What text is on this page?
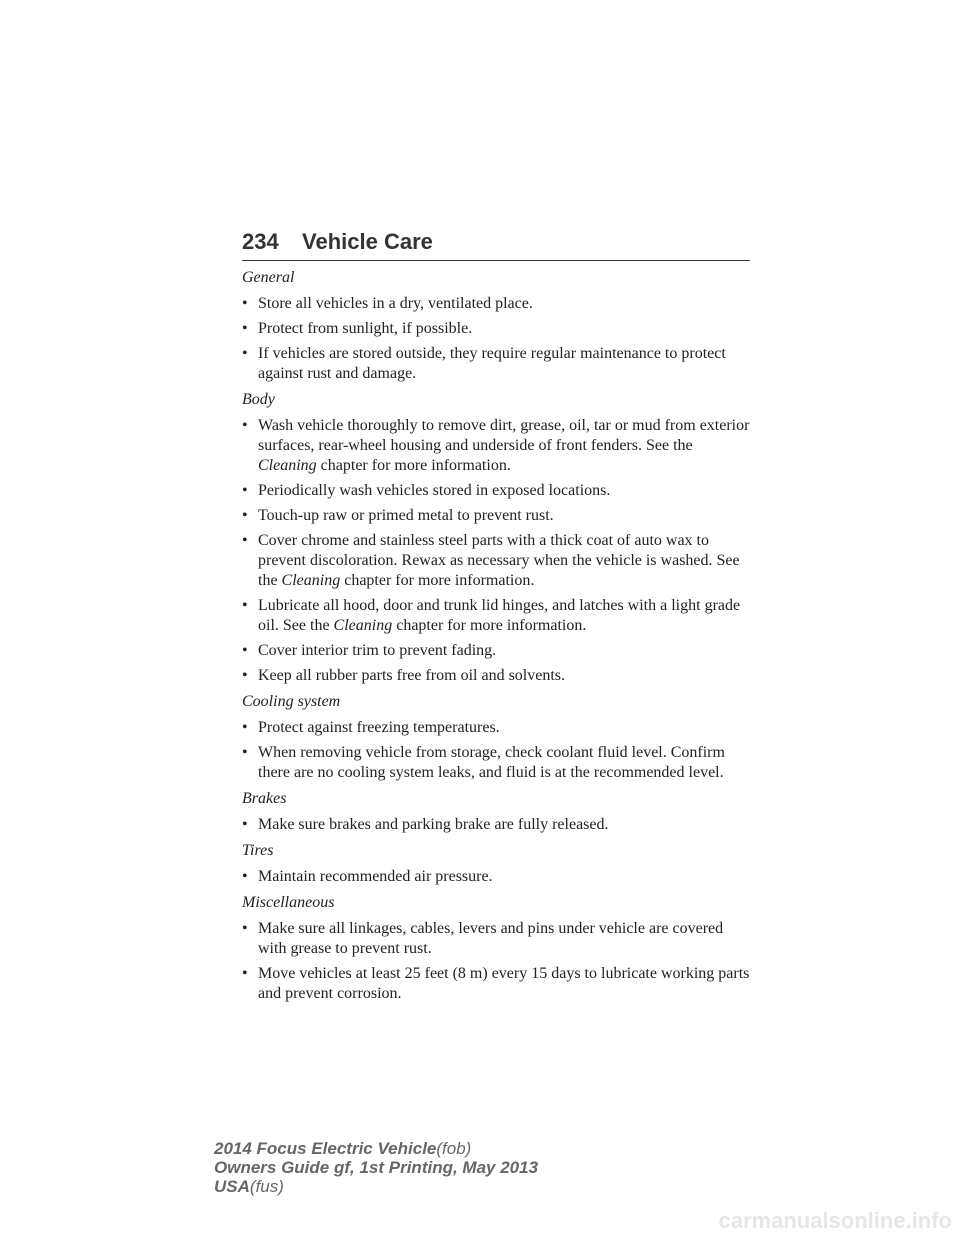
234 Vehicle Care

General

• Store all vehicles in a dry, ventilated place.
• Protect from sunlight, if possible.
• If vehicles are stored outside, they require regular maintenance to protect against rust and damage.

Body

• Wash vehicle thoroughly to remove dirt, grease, oil, tar or mud from exterior surfaces, rear-wheel housing and underside of front fenders. See the Cleaning chapter for more information.
• Periodically wash vehicles stored in exposed locations.
• Touch-up raw or primed metal to prevent rust.
• Cover chrome and stainless steel parts with a thick coat of auto wax to prevent discoloration. Rewax as necessary when the vehicle is washed. See the Cleaning chapter for more information.
• Lubricate all hood, door and trunk lid hinges, and latches with a light grade oil. See the Cleaning chapter for more information.
• Cover interior trim to prevent fading.
• Keep all rubber parts free from oil and solvents.

Cooling system

• Protect against freezing temperatures.
• When removing vehicle from storage, check coolant fluid level. Confirm there are no cooling system leaks, and fluid is at the recommended level.

Brakes

• Make sure brakes and parking brake are fully released.

Tires

• Maintain recommended air pressure.

Miscellaneous

• Make sure all linkages, cables, levers and pins under vehicle are covered with grease to prevent rust.
• Move vehicles at least 25 feet (8 m) every 15 days to lubricate working parts and prevent corrosion.
2014 Focus Electric Vehicle(fob)
Owners Guide gf, 1st Printing, May 2013
USA(fus)
carmanualsonline.info
